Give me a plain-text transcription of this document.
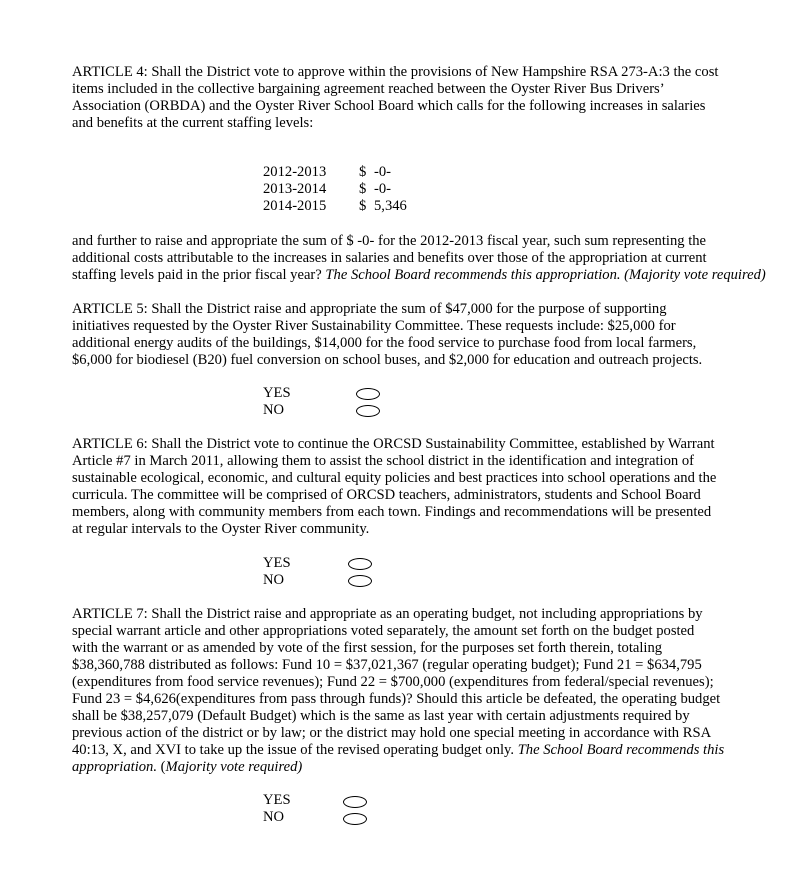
ARTICLE 4: Shall the District vote to approve within the provisions of New Hampshire RSA 273-A:3 the cost
items included in the collective bargaining agreement reached between the Oyster River Bus Drivers’
Association (ORBDA) and the Oyster River School Board which calls for the following increases in salaries
and benefits at the current staffing levels:
2012-2013	$ -0-
2013-2014	$ -0-
2014-2015	$ 5,346
and further to raise and appropriate the sum of $ -0- for the 2012-2013 fiscal year, such sum representing the
additional costs attributable to the increases in salaries and benefits over those of the appropriation at current
staffing levels paid in the prior fiscal year? The School Board recommends this appropriation. (Majority vote required)
ARTICLE 5: Shall the District raise and appropriate the sum of $47,000 for the purpose of supporting
initiatives requested by the Oyster River Sustainability Committee. These requests include: $25,000 for
additional energy audits of the buildings, $14,000 for the food service to purchase food from local farmers,
$6,000 for biodiesel (B20) fuel conversion on school buses, and $2,000 for education and outreach projects.
YES
NO
ARTICLE 6: Shall the District vote to continue the ORCSD Sustainability Committee, established by Warrant
Article #7 in March 2011, allowing them to assist the school district in the identification and integration of
sustainable ecological, economic, and cultural equity policies and best practices into school operations and the
curricula. The committee will be comprised of ORCSD teachers, administrators, students and School Board
members, along with community members from each town. Findings and recommendations will be presented
at regular intervals to the Oyster River community.
YES
NO
ARTICLE 7: Shall the District raise and appropriate as an operating budget, not including appropriations by
special warrant article and other appropriations voted separately, the amount set forth on the budget posted
with the warrant or as amended by vote of the first session, for the purposes set forth therein, totaling
$38,360,788 distributed as follows: Fund 10 = $37,021,367 (regular operating budget); Fund 21 = $634,795
(expenditures from food service revenues); Fund 22 = $700,000 (expenditures from federal/special revenues);
Fund 23 = $4,626(expenditures from pass through funds)? Should this article be defeated, the operating budget
shall be $38,257,079 (Default Budget) which is the same as last year with certain adjustments required by
previous action of the district or by law; or the district may hold one special meeting in accordance with RSA
40:13, X, and XVI to take up the issue of the revised operating budget only. The School Board recommends this
appropriation. (Majority vote required)
YES
NO
